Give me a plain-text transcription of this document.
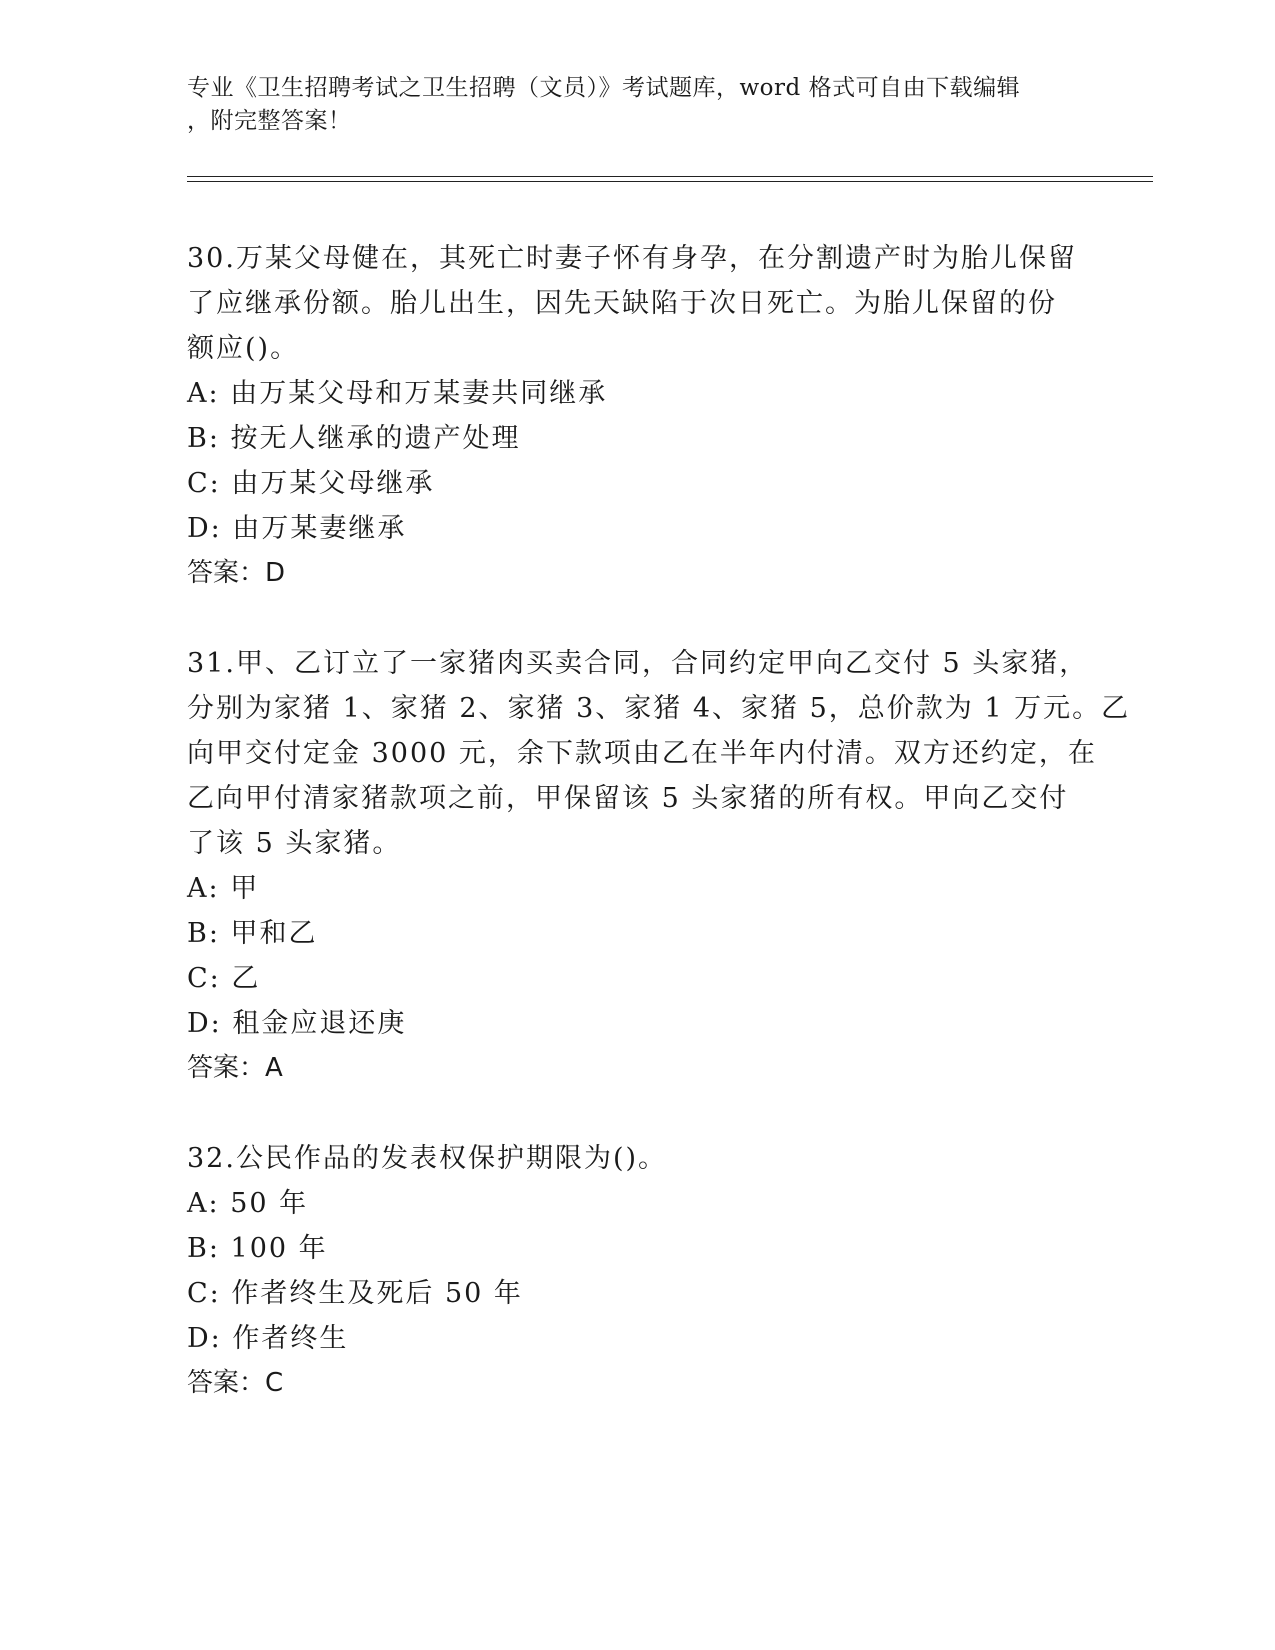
专业《卫生招聘考试之卫生招聘（文员）》考试题库，word 格式可自由下载编辑
，附完整答案！
30.万某父母健在，其死亡时妻子怀有身孕，在分割遗产时为胎儿保留
了应继承份额。胎儿出生，因先天缺陷于次日死亡。为胎儿保留的份
额应()。
A: 由万某父母和万某妻共同继承
B: 按无人继承的遗产处理
C: 由万某父母继承
D: 由万某妻继承
答案：D
31.甲、乙订立了一家猪肉买卖合同，合同约定甲向乙交付 5 头家猪，
分别为家猪 1、家猪 2、家猪 3、家猪 4、家猪 5，总价款为 1 万元。乙
向甲交付定金 3000 元，余下款项由乙在半年内付清。双方还约定，在
乙向甲付清家猪款项之前，甲保留该 5 头家猪的所有权。甲向乙交付
了该 5 头家猪。
A: 甲
B: 甲和乙
C: 乙
D: 租金应退还庚
答案：A
32.公民作品的发表权保护期限为()。
A: 50 年
B: 100 年
C: 作者终生及死后 50 年
D: 作者终生
答案：C
